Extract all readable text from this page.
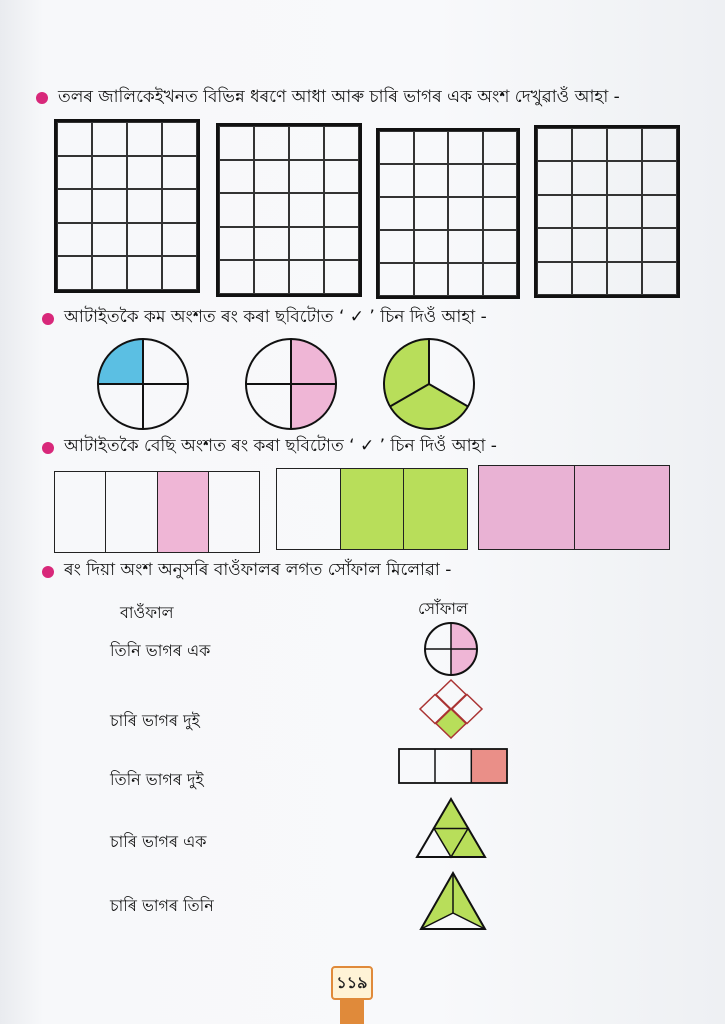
তলৰ জালিকেইখনত বিভিন্ন ধৰণে আধা আৰু চাৰি ভাগৰ এক অংশ দেখুৱাওঁ আহা -
আটাইতকৈ কম অংশত ৰং কৰা ছবিটোত ‘ ✓ ’ চিন দিওঁ আহা -
আটাইতকৈ বেছি অংশত ৰং কৰা ছবিটোত ‘ ✓ ’ চিন দিওঁ আহা -
ৰং দিয়া অংশ অনুসৰি বাওঁফালৰ লগত সোঁফাল মিলোৱা -
বাওঁফাল	সোঁফাল
তিনি ভাগৰ এক
চাৰি ভাগৰ দুই
তিনি ভাগৰ দুই
চাৰি ভাগৰ এক
চাৰি ভাগৰ তিনি
১১৯
